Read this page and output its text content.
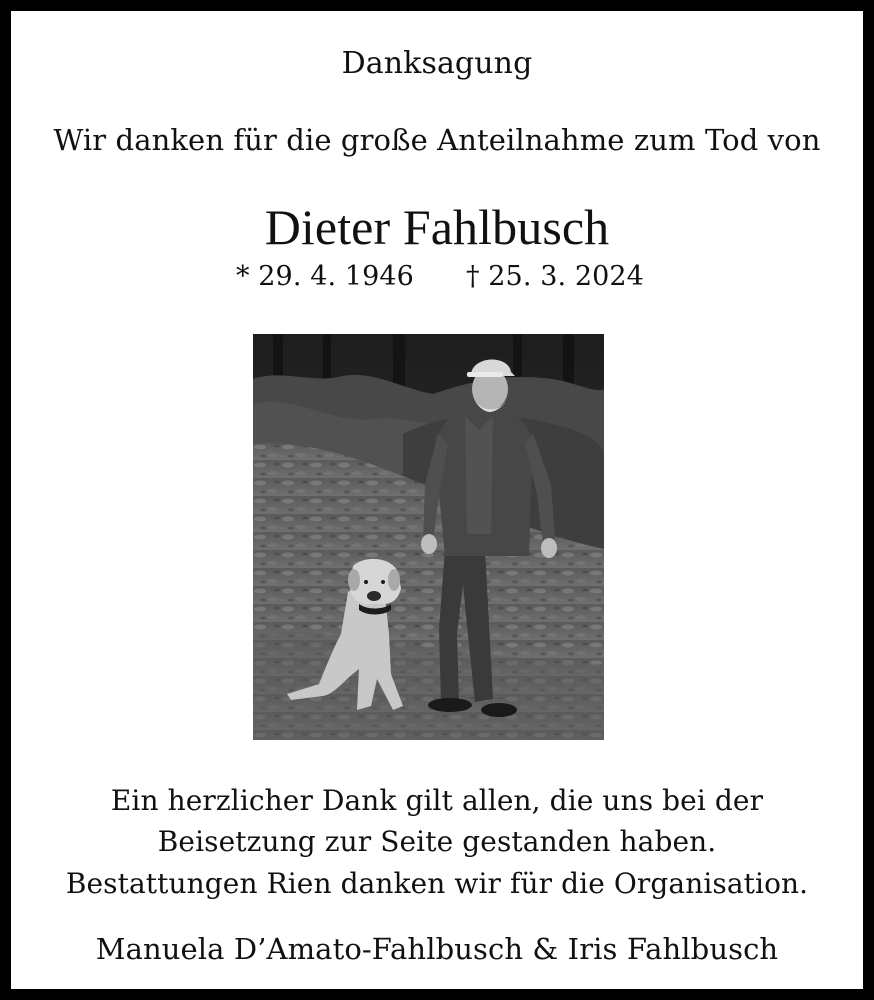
Danksagung
Wir danken für die große Anteilnahme zum Tod von
Dieter Fahlbusch
* 29. 4. 1946 † 25. 3. 2024
Ein herzlicher Dank gilt allen, die uns bei der
Beisetzung zur Seite gestanden haben.
Bestattungen Rien danken wir für die Organisation.
Manuela D’Amato-Fahlbusch & Iris Fahlbusch
